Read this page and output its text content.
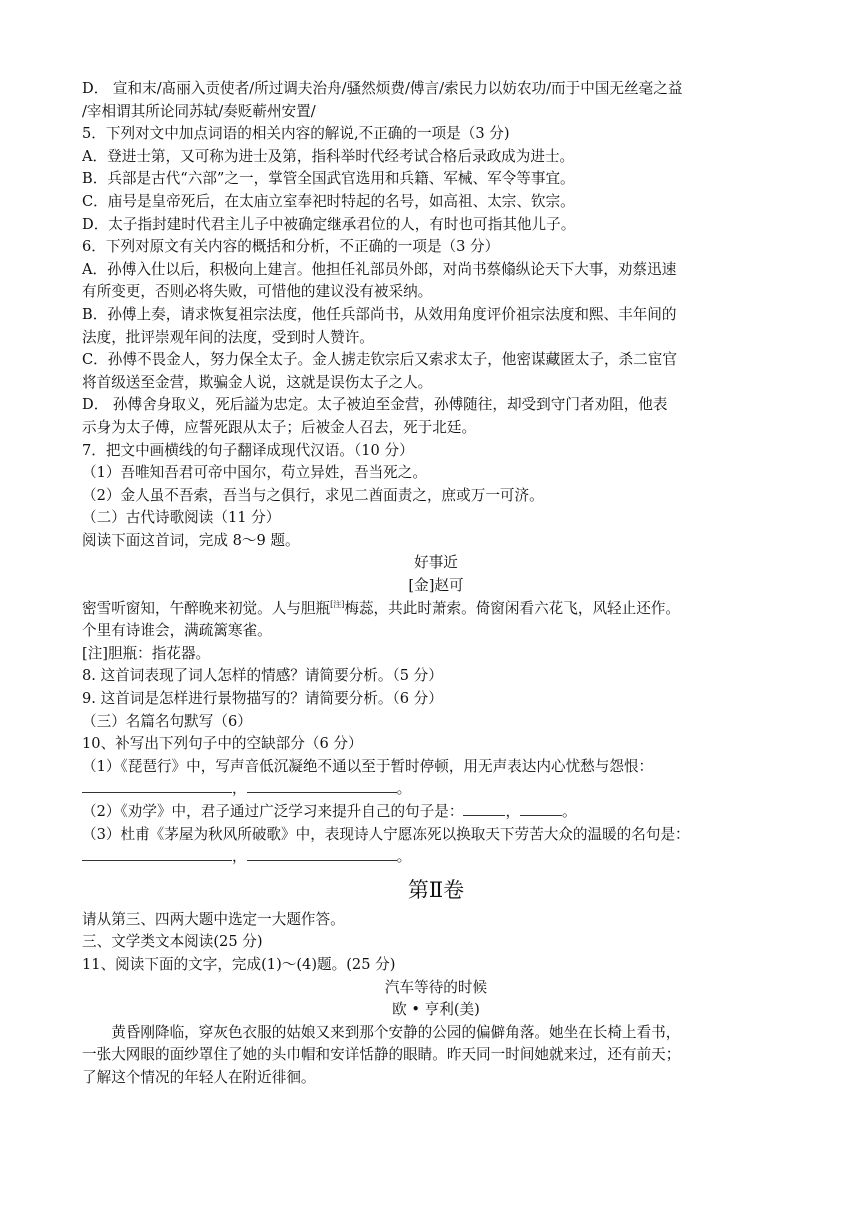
D． 宣和末/髙丽入贡使者/所过调夫治舟/骚然烦费/傅言/索民力以妨农功/而于中国无丝毫之益
/宰相谓其所论同苏轼/奏贬蕲州安置/
5．下列对文中加点词语的相关内容的解说,不正确的一项是（3 分)
A．登进士第，又可称为进士及第，指科举时代经考试合格后录政成为进士。
B．兵部是古代“六部”之一，掌管全国武官选用和兵籍、军械、军令等事宜。
C．庙号是皇帝死后，在太庙立室奉祀时特起的名号，如高祖、太宗、钦宗。
D．太子指封建时代君主儿子中被确定继承君位的人，有时也可指其他儿子。
6．下列对原文有关内容的概括和分析，不正确的一项是（3 分）
A．孙傅入仕以后，积极向上建言。他担任礼部员外郎，对尚书蔡翛纵论天下大事，劝蔡迅速
有所变更，否则必将失败，可惜他的建议没有被采纳。
B．孙傅上奏，请求恢复祖宗法度，他任兵部尚书，从效用角度评价祖宗法度和熙、丰年间的
法度，批评崇观年间的法度，受到时人赞许。
C．孙傅不畏金人，努力保全太子。金人掳走钦宗后又索求太子，他密谋藏匿太子，杀二宦官
将首级送至金营，欺骗金人说，这就是误伤太子之人。
D． 孙傅舍身取义，死后謚为忠定。太子被迫至金营，孙傅随往，却受到守门者劝阻，他表
示身为太子傅，应誓死跟从太子；后被金人召去，死于北廷。
7．把文中画横线的句子翻译成现代汉语。（10 分）
（1）吾唯知吾君可帝中国尔，苟立异姓，吾当死之。
（2）金人虽不吾索，吾当与之俱行，求见二酋面责之，庶或万一可济。
（二）古代诗歌阅读（11 分）
阅读下面这首词，完成 8～9 题。
好事近
[金]赵可
密雪听窗知，午醉晚来初觉。人与胆瓶[注]梅蕊，共此时萧索。倚窗闲看六花飞，风轻止还作。
个里有诗谁会，满疏篱寒雀。
[注]胆瓶：指花器。
8. 这首词表现了词人怎样的情感？请简要分析。（5 分）
9. 这首词是怎样进行景物描写的？请简要分析。（6 分）
（三）名篇名句默写（6）
10、补写出下列句子中的空缺部分（6 分）
（1）《琵琶行》中，写声音低沉凝绝不通以至于暂时停顿，用无声表达内心忧愁与怨恨：
，	。
（2）《劝学》中，君子通过广泛学习来提升自己的句子是：	，	。
（3）杜甫《茅屋为秋风所破歌》中，表现诗人宁愿冻死以换取天下劳苦大众的温暖的名句是：
，	。
第Ⅱ卷
请从第三、四两大题中选定一大题作答。
三、文学类文本阅读(25 分)
11、阅读下面的文字，完成(1)～(4)题。(25 分)
汽车等待的时候
欧 • 亨利(美)
黄昏刚降临，穿灰色衣服的姑娘又来到那个安静的公园的偏僻角落。她坐在长椅上看书，
一张大网眼的面纱罩住了她的头巾帽和安详恬静的眼睛。昨天同一时间她就来过，还有前天；
了解这个情况的年轻人在附近徘徊。
